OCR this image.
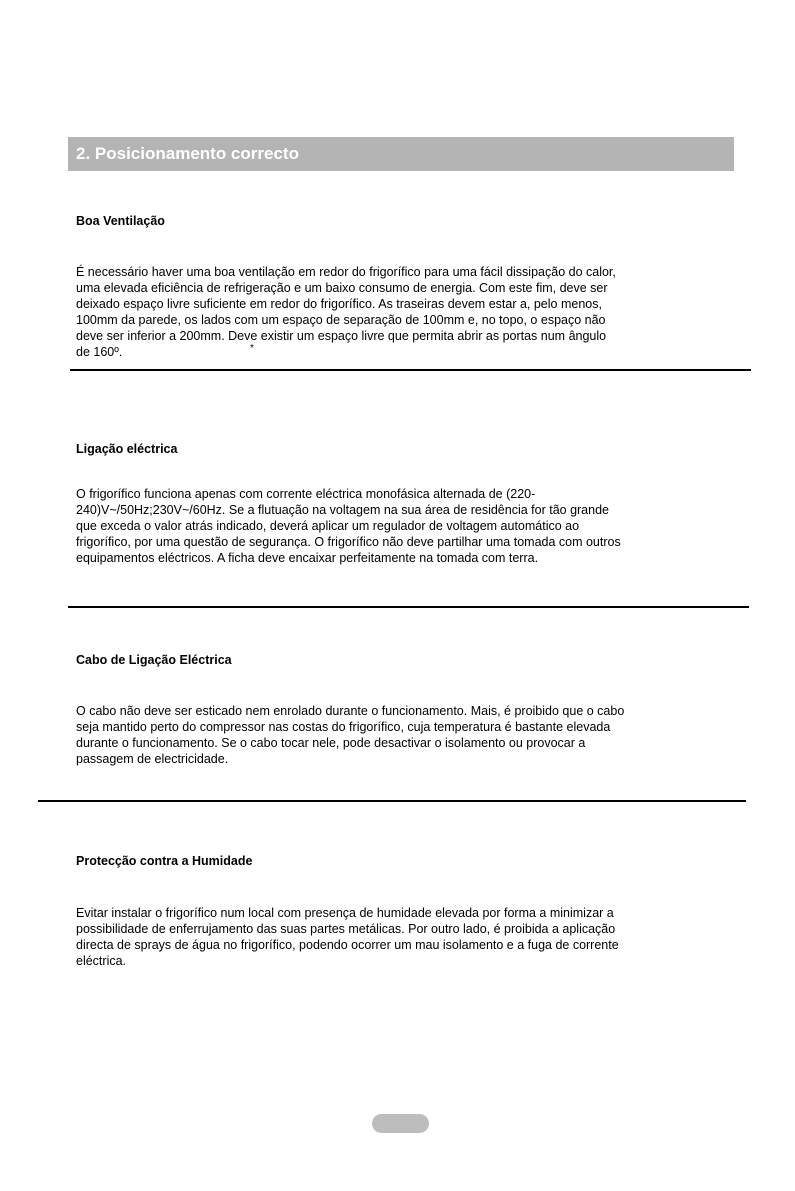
2. Posicionamento correcto
Boa Ventilação
É necessário haver uma boa ventilação em redor do frigorífico para uma fácil dissipação do calor,
uma elevada eficiência de refrigeração e um baixo consumo de energia. Com este fim, deve ser
deixado espaço livre suficiente em redor do frigorífico. As traseiras devem estar a, pelo menos,
100mm da parede, os lados com um espaço de separação de 100mm e, no topo, o espaço não
deve ser inferior a 200mm. Deve existir um espaço livre que permita abrir as portas num ângulo
de 160º.	*
Ligação eléctrica
O frigorífico funciona apenas com corrente eléctrica monofásica alternada de (220-
240)V~/50Hz;230V~/60Hz. Se a flutuação na voltagem na sua área de residência for tão grande
que exceda o valor atrás indicado, deverá aplicar um regulador de voltagem automático ao
frigorífico, por uma questão de segurança. O frigorífico não deve partilhar uma tomada com outros
equipamentos eléctricos. A ficha deve encaixar perfeitamente na tomada com terra.
Cabo de Ligação Eléctrica
O cabo não deve ser esticado nem enrolado durante o funcionamento. Mais, é proibido que o cabo
seja mantido perto do compressor nas costas do frigorífico, cuja temperatura é bastante elevada
durante o funcionamento. Se o cabo tocar nele, pode desactivar o isolamento ou provocar a
passagem de electricidade.
Protecção contra a Humidade
Evitar instalar o frigorífico num local com presença de humidade elevada por forma a minimizar a
possibilidade de enferrujamento das suas partes metálicas. Por outro lado, é proibida a aplicação
directa de sprays de água no frigorífico, podendo ocorrer um mau isolamento e a fuga de corrente
eléctrica.
